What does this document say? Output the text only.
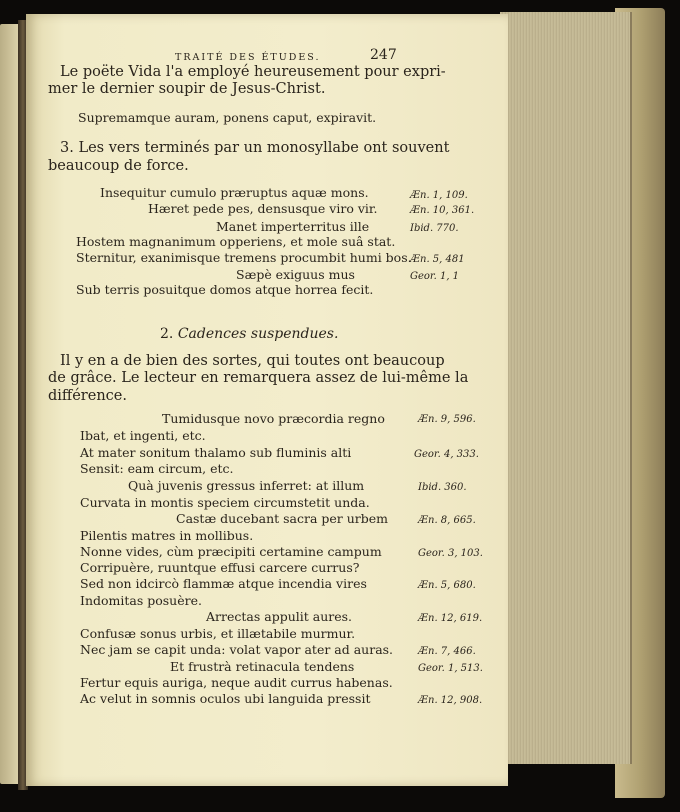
TRAITÉ DES ÉTUDES.	247
Le poëte Vida l'a employé heureusement pour expri-
mer le dernier soupir de Jesus-Christ.
Supremamque auram, ponens caput, expiravit.
3. Les vers terminés par un monosyllabe ont souvent
beaucoup de force.
Insequitur cumulo præruptus aquæ mons.
Hæret pede pes, densusque viro vir.
Manet imperterritus ille
Hostem magnanimum opperiens, et mole suâ stat.
Sternitur, exanimisque tremens procumbit humi bos.
Sæpè exiguus mus
Sub terris posuitque domos atque horrea fecit.
Il y en a de bien des sortes, qui toutes ont beaucoup
de grâce. Le lecteur en remarquera assez de lui-même la
différence.
Tumidusque novo præcordia regno
Ibat, et ingenti, etc.
At mater sonitum thalamo sub fluminis alti
Sensit: eam circum, etc.
Quà juvenis gressus inferret: at illum
Curvata in montis speciem circumstetit unda.
Castæ ducebant sacra per urbem
Pilentis matres in mollibus.
Nonne vides, cùm præcipiti certamine campum
Corripuère, ruuntque effusi carcere currus?
Sed non idcircò flammæ atque incendia vires
Indomitas posuère.
Arrectas appulit aures.
Confusæ sonus urbis, et illætabile murmur.
Nec jam se capit unda: volat vapor ater ad auras.
Et frustrà retinacula tendens
Fertur equis auriga, neque audit currus habenas.
Ac velut in somnis oculos ubi languida pressit
Æn. 1, 109.
Æn. 10, 361.
Ibid. 770.
Æn. 5, 481
Geor. 1, 1
Æn. 9, 596.
Geor. 4, 333.
Ibid. 360.
Æn. 8, 665.
Geor. 3, 103.
Æn. 5, 680.
Æn. 12, 619.
Æn. 7, 466.
Geor. 1, 513.
Æn. 12, 908.
2. Cadences suspendues.
